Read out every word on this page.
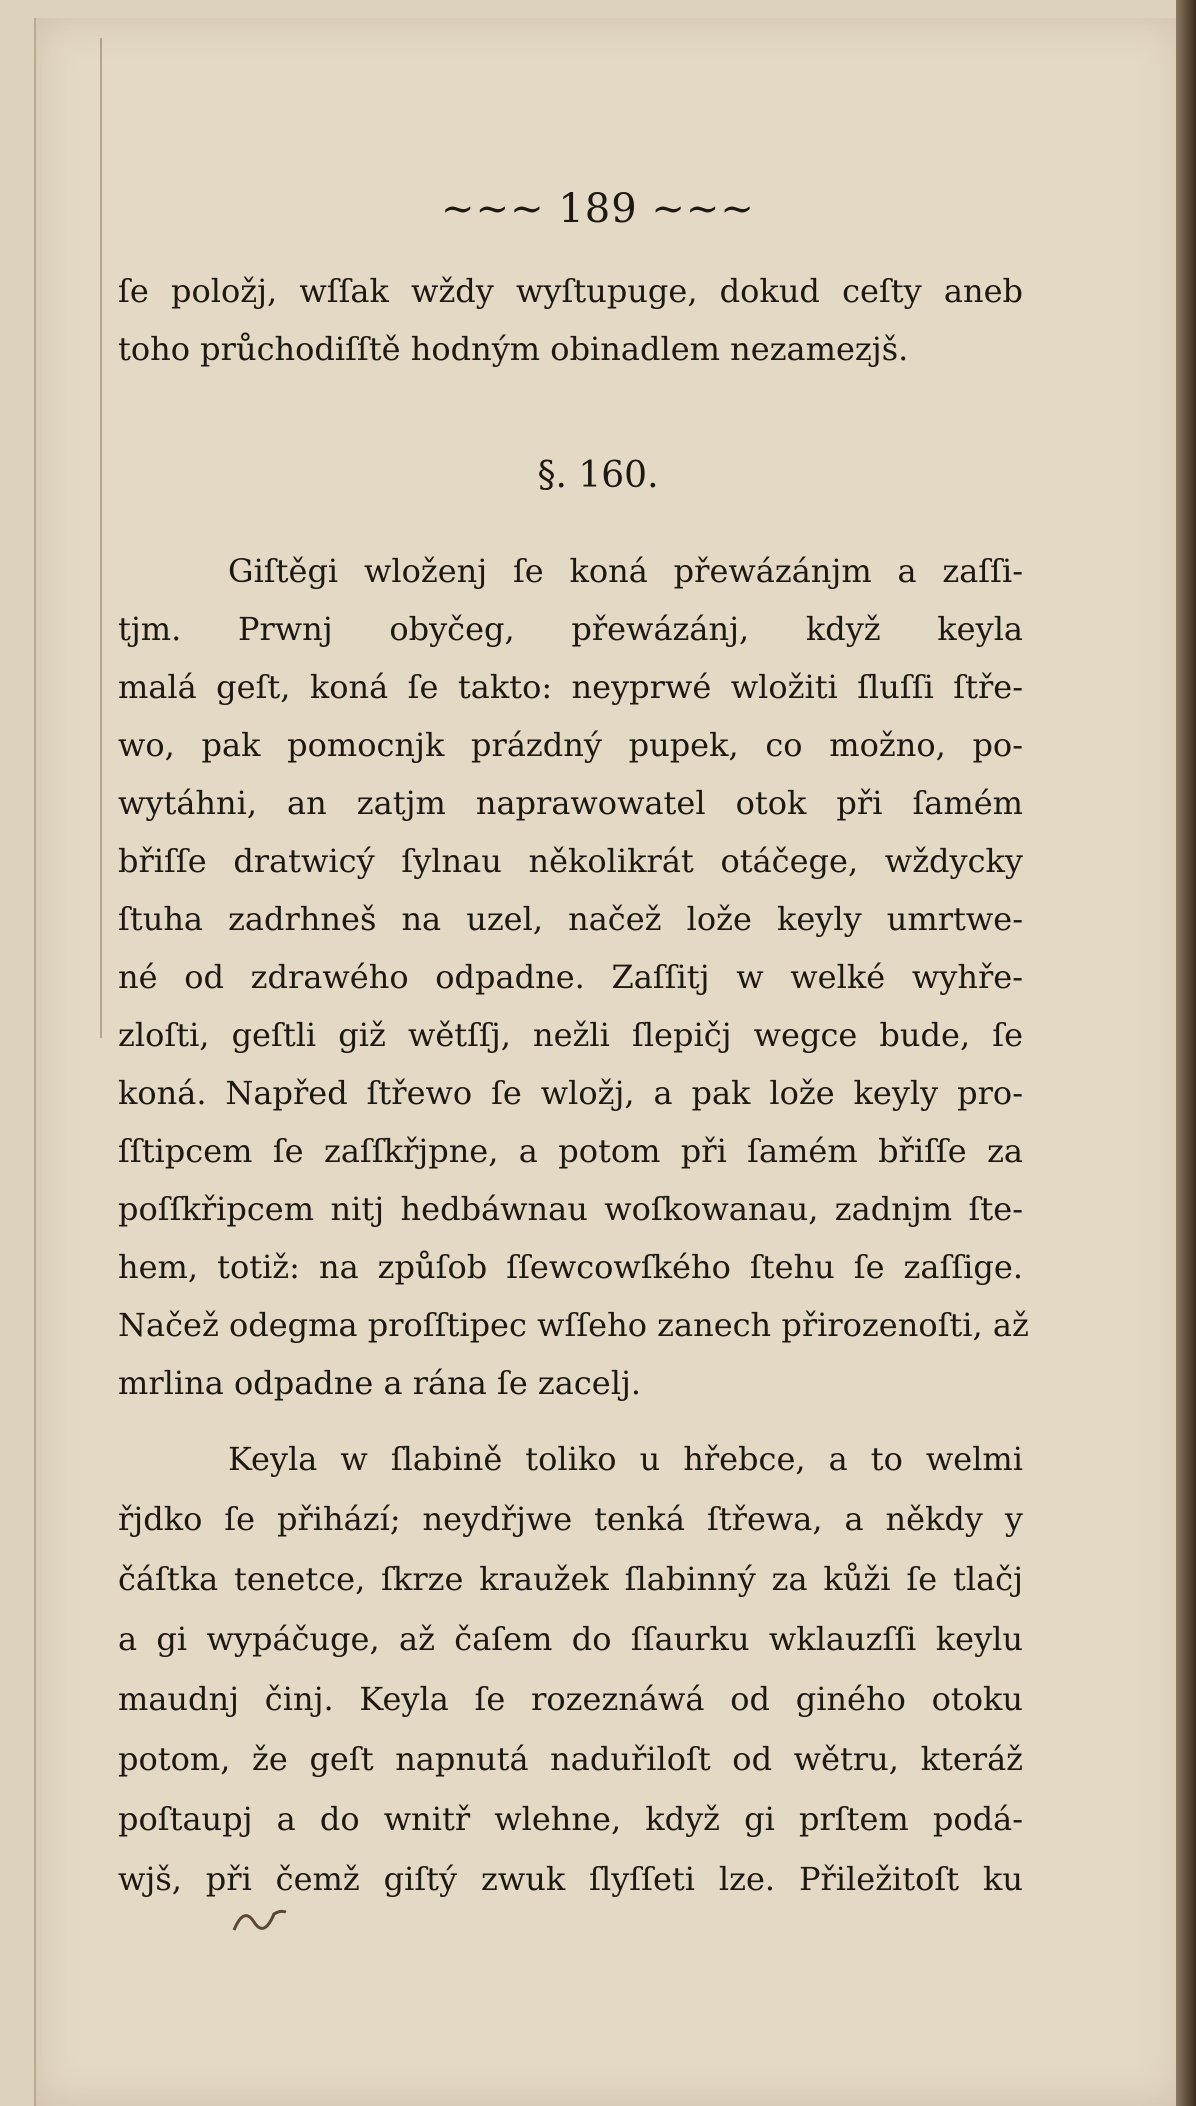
~~~ 189 ~~~
ſe položj, wſſak wždy wyſtupuge, dokud ceſty aneb
toho průchodiſſtě hodným obinadlem nezamezjš.
§. 160.
Giſtěgi wloženj ſe koná přewázánjm a zaſſi-
tjm. Prwnj obyčeg, přewázánj, když keyla
malá geſt, koná ſe takto: neyprwé wložiti ſluſſi ſtře-
wo, pak pomocnjk prázdný pupek, co možno, po-
wytáhni, an zatjm naprawowatel otok při ſamém
břiſſe dratwicý ſylnau několikrát otáčege, wždycky
ſtuha zadrhneš na uzel, načež lože keyly umrtwe-
né od zdrawého odpadne. Zaſſitj w welké wyhře-
zloſti, geſtli giž wětſſj, nežli ſlepičj wegce bude, ſe
koná. Napřed ſtřewo ſe wložj, a pak lože keyly pro-
ſſtipcem ſe zaſſkřjpne, a potom při ſamém břiſſe za
poſſkřipcem nitj hedbáwnau woſkowanau, zadnjm ſte-
hem, totiž: na způſob ſſewcowſkého ſtehu ſe zaſſige.
Načež odegma proſſtipec wſſeho zanech přirozenoſti, až
mrlina odpadne a rána ſe zacelj.
Keyla w ſlabině toliko u hřebce, a to welmi
řjdko ſe přihází; neydřjwe tenká ſtřewa, a někdy y
čáſtka tenetce, ſkrze kraužek ſlabinný za kůži ſe tlačj
a gi wypáčuge, až čaſem do ſſaurku wklauzſſi keylu
maudnj činj. Keyla ſe rozeznáwá od giného otoku
potom, že geſt napnutá naduřiloſt od wětru, kteráž
poſtaupj a do wnitř wlehne, když gi prſtem podá-
wjš, při čemž giſtý zwuk ſlyſſeti lze. Přiležitoſt ku
